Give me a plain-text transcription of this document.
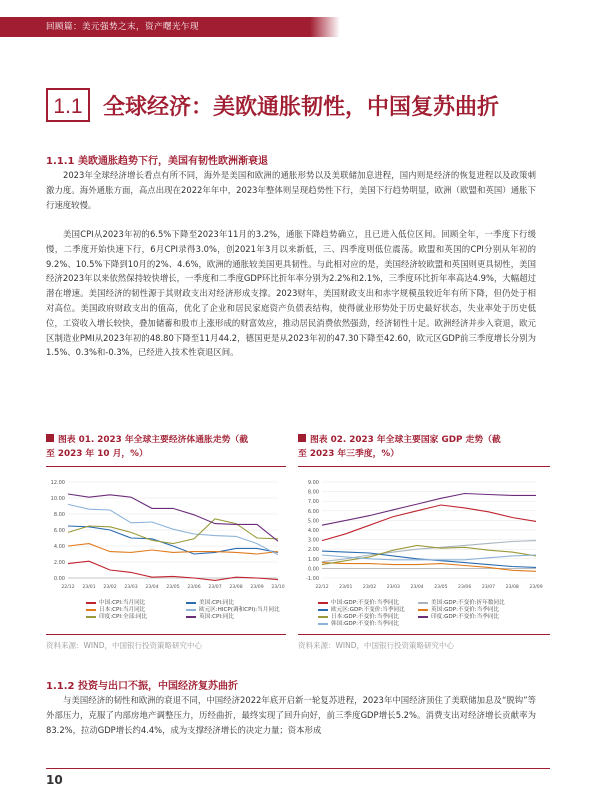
回顾篇：美元强势之末，资产曙光乍现
1.1 全球经济：美欧通胀韧性，中国复苏曲折
1.1.1 美欧通胀趋势下行，美国有韧性欧洲渐衰退

2023年全球经济增长看点有所不同，海外是美国和欧洲的通胀形势以及美联储加息进程，国内则是经济的恢复进程以及政策刺激力度。海外通胀方面，高点出现在2022年年中，2023年整体则呈现趋势性下行，美国下行趋势明显，欧洲（欧盟和英国）通胀下行速度较慢。

美国CPI从2023年初的6.5%下降至2023年11月的3.2%，通胀下降趋势确立，且已进入低位区间。回顾全年，一季度下行缓慢，二季度开始快速下行，6月CPI录得3.0%，创2021年3月以来新低，三、四季度则低位震荡。欧盟和英国的CPI分别从年初的9.2%、10.5%下降到10月的2%、4.6%，欧洲的通胀较美国更具韧性。与此相对应的是，美国经济较欧盟和英国则更具韧性，美国经济2023年以来依然保持较快增长，一季度和二季度GDP环比折年率分别为2.2%和2.1%，三季度环比折年率高达4.9%，大幅超过潜在增速。美国经济的韧性源于其财政支出对经济形成支撑。2023财年，美国财政支出和赤字规模虽较近年有所下降，但仍处于相对高位。美国政府财政支出的值高，优化了企业和居民家庭资产负债表结构，使得就业形势处于历史最好状态，失业率处于历史低位，工资收入增长较快，叠加储蓄和股市上涨形成的财富效应，推动居民消费依然强劲，经济韧性十足。欧洲经济并步入衰退，欧元区制造业PMI从2023年初的48.80下降至11月44.2，德国更是从2023年初的47.30下降至42.60，欧元区GDP前三季度增长分别为1.5%、0.3%和-0.3%，已经进入技术性衰退区间。

图表 01. 2023 年全球主要经济体通胀走势（截
至 2023 年 10 月，%）
0.00
2.00
4.00
6.00
8.00
10.00
12.00
22/12 23/01 23/02 23/03 23/04 23/05 23/06 23/07 23/08 23/09 23/10
中国:CPI:当月同比	美国:CPI:同比
日本:CPI:当月同比	欧元区:HICP(调和CPI):当月同比
印度:CPI:全部:同比	英国:CPI:同比
资料来源：WIND，中国银行投资策略研究中心
图表 02. 2023 年全球主要国家 GDP 走势（截
至 2023 年三季度，%）
-1.00
0.00
1.00
2.00
3.00
4.00
5.00
6.00
7.00
8.00
9.00
22/12 23/01 23/02 23/03 23/04 23/05 23/06 23/07 23/08 23/09
中国:GDP:不变价:当季同比	美国:GDP:不变价:折年数同比
欧元区:GDP:不变价:当季同比	英国:GDP:不变价:当季同比
日本:GDP:不变价:当季同比	印度:GDP:不变价:当季同比
韩国:GDP:不变价:当季同比
资料来源：WIND，中国银行投资策略研究中心
1.1.2 投资与出口不振，中国经济复苏曲折

与美国经济的韧性和欧洲的衰退不同，中国经济2022年底开启新一轮复苏进程，2023年中国经济顶住了美联储加息及“脱钩”等外部压力，克服了内部房地产调整压力，历经曲折，最终实现了回升向好，前三季度GDP增长5.2%。消费支出对经济增长贡献率为83.2%，拉动GDP增长约4.4%，成为支撑经济增长的决定力量；资本形成

10
